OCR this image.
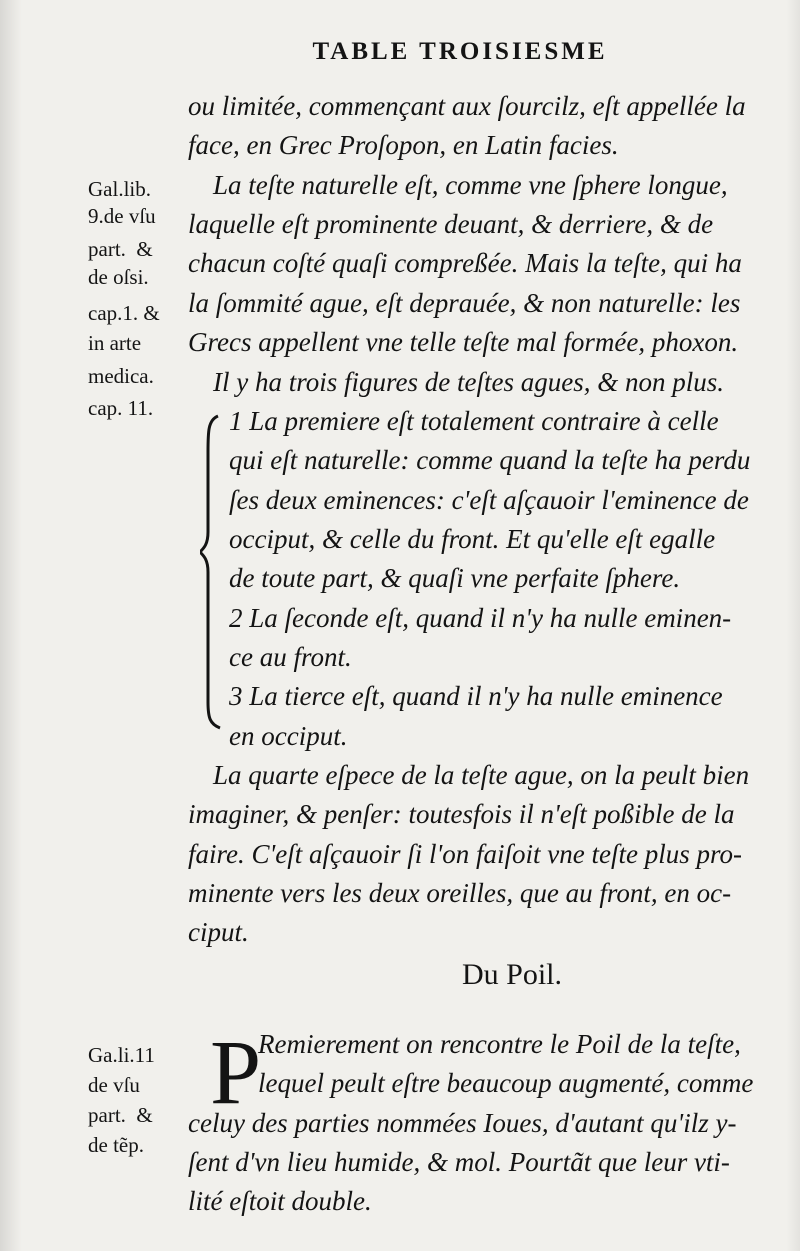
TABLE TROISIESME
ou limitée, commençant aux ſourcilz, eſt appellée la
face, en Grec Proſopon, en Latin facies.
La teſte naturelle eſt, comme vne ſphere longue,
laquelle eſt prominente deuant, & derriere, & de
chacun coſté quaſi compreßée. Mais la teſte, qui ha
la ſommité ague, eſt deprauée, & non naturelle: les
Grecs appellent vne telle teſte mal formée, phoxon.
Il y ha trois figures de teſtes agues, & non plus.
1 La premiere eſt totalement contraire à celle
qui eſt naturelle: comme quand la teſte ha perdu
ſes deux eminences: c'eſt aſçauoir l'eminence de
occiput, & celle du front. Et qu'elle eſt egalle
de toute part, & quaſi vne perfaite ſphere.
2 La ſeconde eſt, quand il n'y ha nulle eminen-
ce au front.
3 La tierce eſt, quand il n'y ha nulle eminence
en occiput.
La quarte eſpece de la teſte ague, on la peult bien
imaginer, & penſer: toutesfois il n'eſt poßible de la
faire. C'eſt aſçauoir ſi l'on faiſoit vne teſte plus pro-
minente vers les deux oreilles, que au front, en oc-
ciput.
Remierement on rencontre le Poil de la teſte,
lequel peult eſtre beaucoup augmenté, comme
celuy des parties nommées Ioues, d'autant qu'ilz y-
ſent d'vn lieu humide, & mol. Pourtãt que leur vti-
lité eſtoit double.
Gal.lib.
9.de vſu
part.  &
de oſsi.
cap.1. &
in arte
medica.
cap. 11.
Ga.li.11
de vſu
part.  &
de tẽp.
Du Poil.
P
